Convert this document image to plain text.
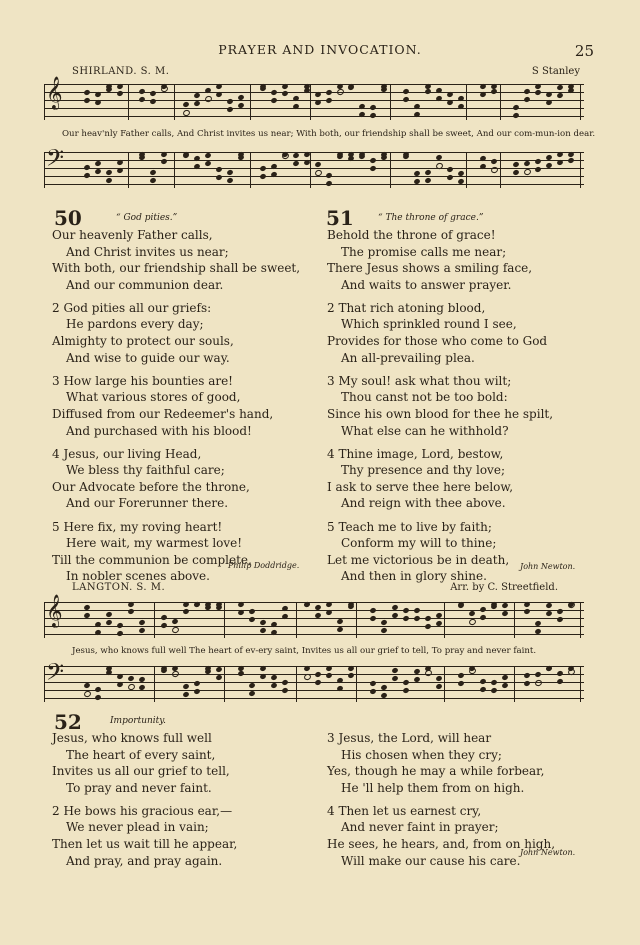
PRAYER AND INVOCATION.	25
SHIRLAND. S. M.	S Stanley
𝄞
Our heav'nly Father calls, And Christ invites us near; With both, our friendship shall be sweet, And our com-mun-ion dear.
𝄢
50	“ God pities.”

Our heavenly Father calls,
And Christ invites us near;
With both, our friendship shall be sweet,
And our communion dear.

2 God pities all our griefs:
He pardons every day;
Almighty to protect our souls,
And wise to guide our way.

3 How large his bounties are!
What various stores of good,
Diffused from our Redeemer's hand,
And purchased with his blood!

4 Jesus, our living Head,
We bless thy faithful care;
Our Advocate before the throne,
And our Forerunner there.

5 Here fix, my roving heart!
Here wait, my warmest love!
Till the communion be complete,
In nobler scenes above.

Philip Doddridge.
51	“ The throne of grace.”

Behold the throne of grace!
The promise calls me near;
There Jesus shows a smiling face,
And waits to answer prayer.

2 That rich atoning blood,
Which sprinkled round I see,
Provides for those who come to God
An all-prevailing plea.

3 My soul! ask what thou wilt;
Thou canst not be too bold:
Since his own blood for thee he spilt,
What else can he withhold?

4 Thine image, Lord, bestow,
Thy presence and thy love;
I ask to serve thee here below,
And reign with thee above.

5 Teach me to live by faith;
Conform my will to thine;
Let me victorious be in death,
And then in glory shine.

John Newton.
LANGTON. S. M.	Arr. by C. Streetfield.
𝄞
Jesus, who knows full well The heart of ev-ery saint, Invites us all our grief to tell, To pray and never faint.
𝄢
52	Importunity.

Jesus, who knows full well
The heart of every saint,
Invites us all our grief to tell,
To pray and never faint.

2 He bows his gracious ear,—
We never plead in vain;
Then let us wait till he appear,
And pray, and pray again.

3 Jesus, the Lord, will hear
His chosen when they cry;
Yes, though he may a while forbear,
He 'll help them from on high.

4 Then let us earnest cry,
And never faint in prayer;
He sees, he hears, and, from on high,
Will make our cause his care.

John Newton.
